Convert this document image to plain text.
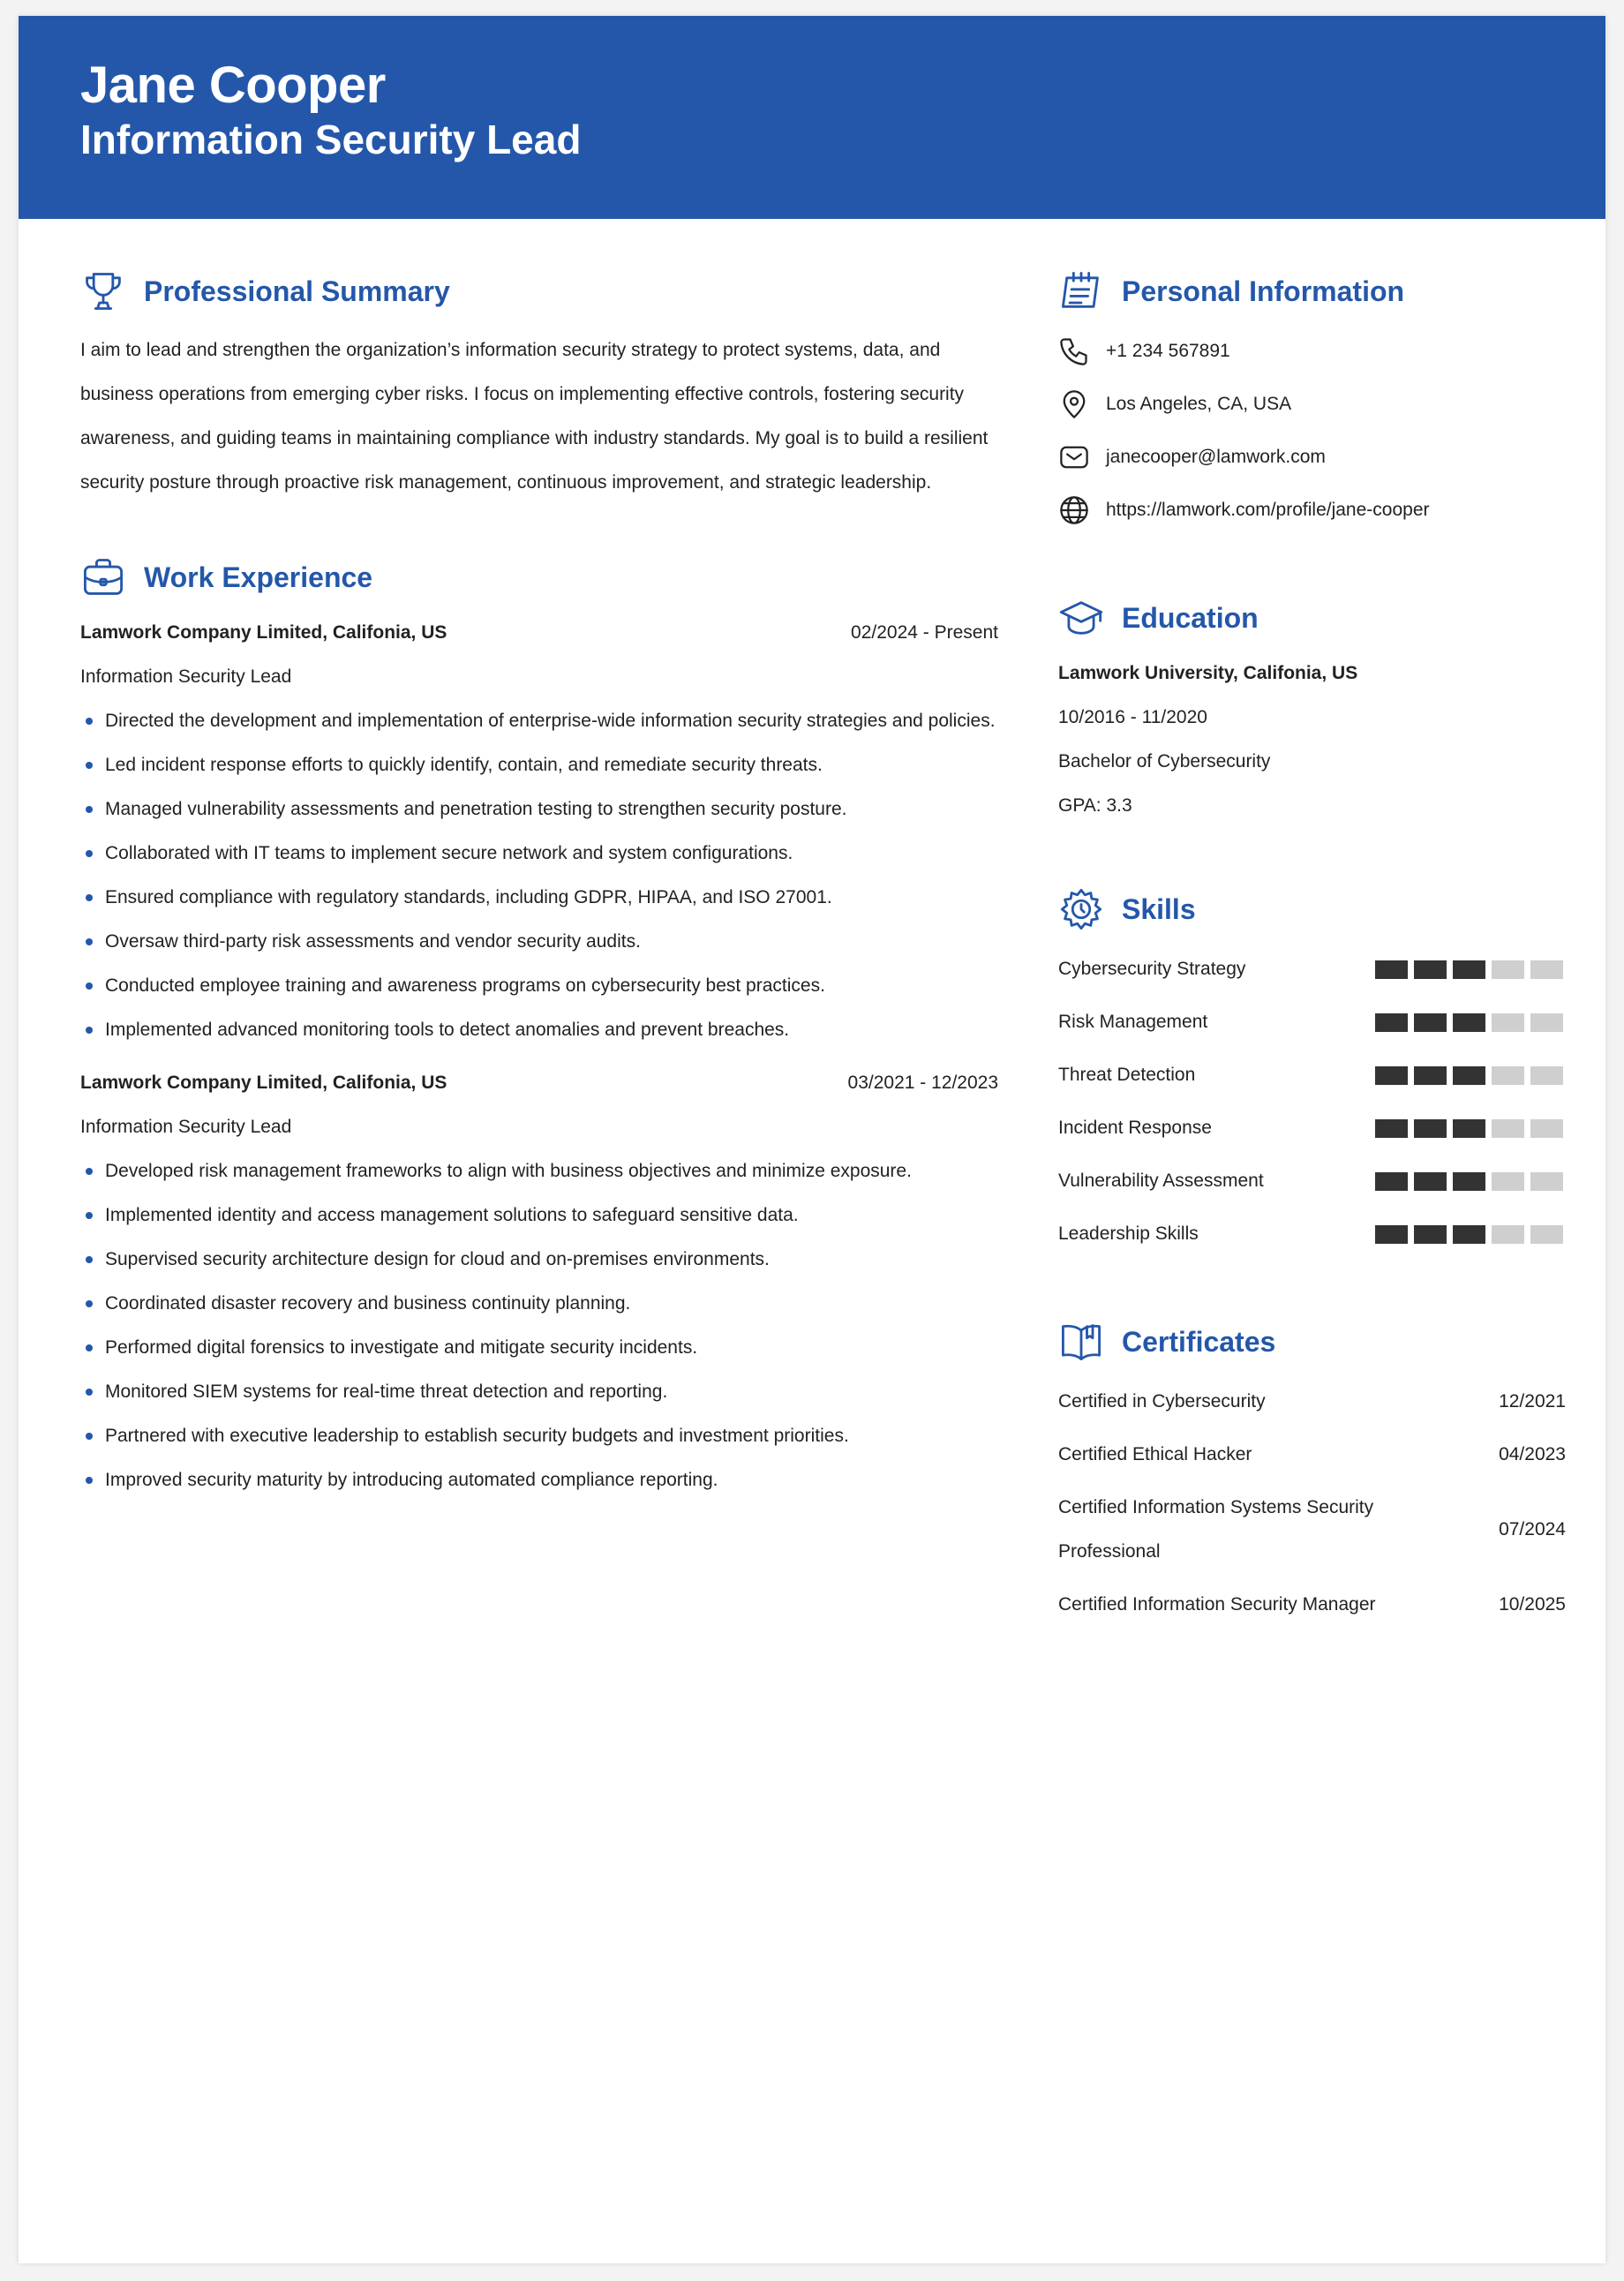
Jane Cooper
Information Security Lead
Professional Summary

I aim to lead and strengthen the organization’s information security strategy to protect systems, data, and business operations from emerging cyber risks. I focus on implementing effective controls, fostering security awareness, and guiding teams in maintaining compliance with industry standards. My goal is to build a resilient security posture through proactive risk management, continuous improvement, and strategic leadership.

Work Experience
Lamwork Company Limited, Califonia, US	02/2024 - Present
Information Security Lead
Directed the development and implementation of enterprise-wide information security strategies and policies.
Led incident response efforts to quickly identify, contain, and remediate security threats.
Managed vulnerability assessments and penetration testing to strengthen security posture.
Collaborated with IT teams to implement secure network and system configurations.
Ensured compliance with regulatory standards, including GDPR, HIPAA, and ISO 27001.
Oversaw third-party risk assessments and vendor security audits.
Conducted employee training and awareness programs on cybersecurity best practices.
Implemented advanced monitoring tools to detect anomalies and prevent breaches.
Lamwork Company Limited, Califonia, US	03/2021 - 12/2023
Information Security Lead
Developed risk management frameworks to align with business objectives and minimize exposure.
Implemented identity and access management solutions to safeguard sensitive data.
Supervised security architecture design for cloud and on-premises environments.
Coordinated disaster recovery and business continuity planning.
Performed digital forensics to investigate and mitigate security incidents.
Monitored SIEM systems for real-time threat detection and reporting.
Partnered with executive leadership to establish security budgets and investment priorities.
Improved security maturity by introducing automated compliance reporting.
Personal Information
+1 234 567891
Los Angeles, CA, USA
janecooper@lamwork.com
https://lamwork.com/profile/jane-cooper
Education
Lamwork University, Califonia, US
10/2016 - 11/2020
Bachelor of Cybersecurity
GPA: 3.3
Skills
Cybersecurity Strategy
Risk Management
Threat Detection
Incident Response
Vulnerability Assessment
Leadership Skills
Certificates
Certified in Cybersecurity	12/2021
Certified Ethical Hacker	04/2023
Certified Information Systems Security Professional
07/2024
Certified Information Security Manager	10/2025
